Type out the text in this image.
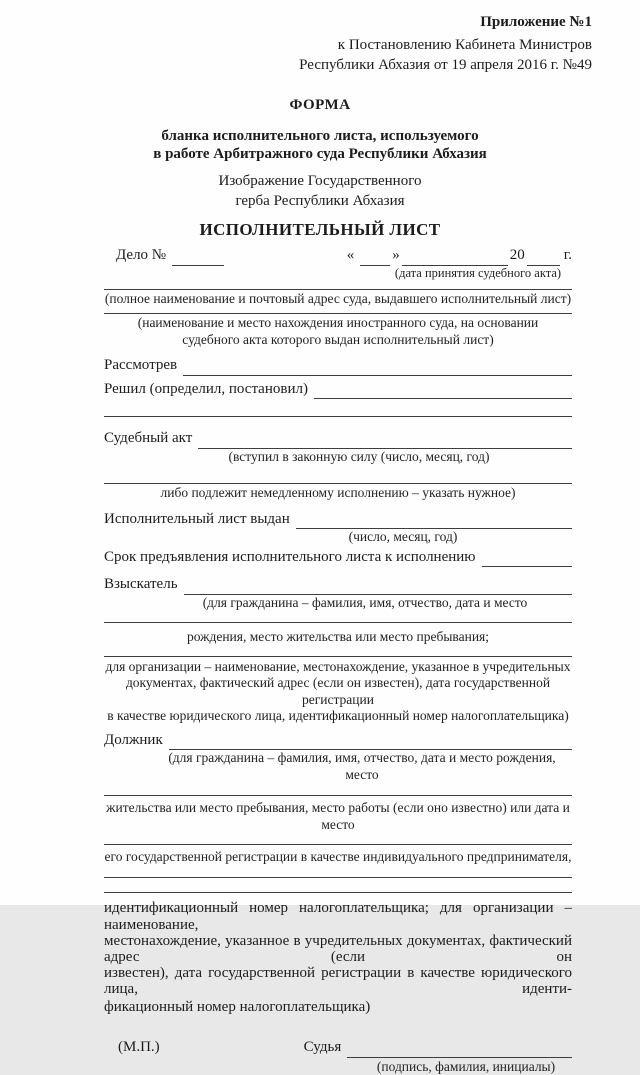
Приложение №1
к Постановлению Кабинета Министров
Республики Абхазия от 19 апреля 2016 г. №49
ФОРМА
бланка исполнительного листа, используемого
в работе Арбитражного суда Республики Абхазия
Изображение Государственного
герба Республики Абхазия
ИСПОЛНИТЕЛЬНЫЙ ЛИСТ
Дело №	«	»	20	г.
(дата принятия судебного акта)
(полное наименование и почтовый адрес суда, выдавшего исполнительный лист)
(наименование и место нахождения иностранного суда, на основании
судебного акта которого выдан исполнительный лист)
Рассмотрев
Решил (определил, постановил)
Судебный акт
(вступил в законную силу (число, месяц, год)
либо подлежит немедленному исполнению – указать нужное)
Исполнительный лист выдан
(число, месяц, год)
Срок предъявления исполнительного листа к исполнению
Взыскатель
(для гражданина – фамилия, имя, отчество, дата и место
рождения, место жительства или место пребывания;
для организации – наименование, местонахождение, указанное в учредительных
документах, фактический адрес (если он известен), дата государственной регистрации
в качестве юридического лица, идентификационный номер налогоплательщика)
Должник
(для гражданина – фамилия, имя, отчество, дата и место рождения, место
жительства или место пребывания, место работы (если оно известно) или дата и место
его государственной регистрации в качестве индивидуального предпринимателя,
идентификационный номер налогоплательщика; для организации – наименование,
местонахождение, указанное в учредительных документах, фактический адрес (если он
известен), дата государственной регистрации в качестве юридического лица, иденти-
фикационный номер налогоплательщика)
(М.П.)	Судья
(подпись, фамилия, инициалы)
